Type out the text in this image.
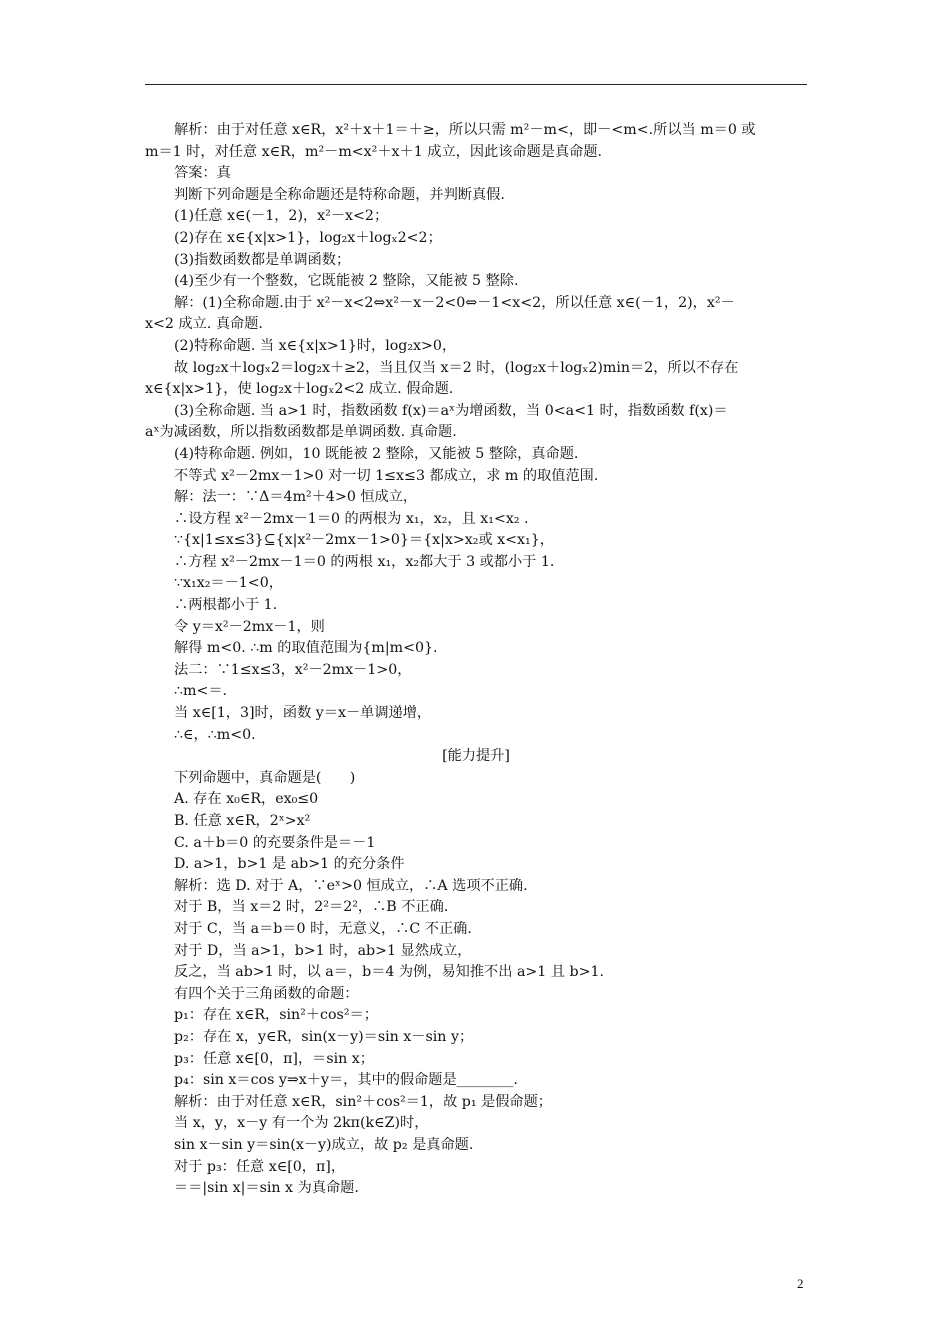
解析：由于对任意 x∈R，x²＋x＋1＝＋≥，所以只需 m²－m<，即－<m<.所以当 m＝0 或
m＝1 时，对任意 x∈R，m²－m<x²＋x＋1 成立，因此该命题是真命题.
答案：真
判断下列命题是全称命题还是特称命题，并判断真假.
(1)任意 x∈(－1，2)，x²－x<2；
(2)存在 x∈{x|x>1}，log₂x＋logₓ2<2；
(3)指数函数都是单调函数；
(4)至少有一个整数，它既能被 2 整除，又能被 5 整除.
解：(1)全称命题.由于 x²－x<2⇔x²－x－2<0⇔－1<x<2，所以任意 x∈(－1，2)，x²－
x<2 成立. 真命题.
(2)特称命题. 当 x∈{x|x>1}时，log₂x>0，
故 log₂x＋logₓ2＝log₂x＋≥2，当且仅当 x＝2 时，(log₂x＋logₓ2)min＝2，所以不存在
x∈{x|x>1}，使 log₂x＋logₓ2<2 成立. 假命题.
(3)全称命题. 当 a>1 时，指数函数 f(x)＝aˣ为增函数，当 0<a<1 时，指数函数 f(x)＝
aˣ为减函数，所以指数函数都是单调函数. 真命题.
(4)特称命题. 例如，10 既能被 2 整除，又能被 5 整除，真命题.
不等式 x²－2mx－1>0 对一切 1≤x≤3 都成立，求 m 的取值范围.
解：法一：∵Δ＝4m²＋4>0 恒成立，
∴设方程 x²－2mx－1＝0 的两根为 x₁，x₂，且 x₁<x₂ .
∵{x|1≤x≤3}⊆{x|x²－2mx－1>0}＝{x|x>x₂或 x<x₁}，
∴方程 x²－2mx－1＝0 的两根 x₁，x₂都大于 3 或都小于 1.
∵x₁x₂＝－1<0，
∴两根都小于 1.
令 y＝x²－2mx－1，则
解得 m<0. ∴m 的取值范围为{m|m<0}.
法二：∵1≤x≤3，x²－2mx－1>0，
∴m<＝.
当 x∈[1，3]时，函数 y＝x－单调递增，
∴∈，∴m<0.
[能力提升]
下列命题中，真命题是(　　)
A. 存在 x₀∈R，ex₀≤0
B. 任意 x∈R，2ˣ>x²
C. a＋b＝0 的充要条件是＝－1
D. a>1，b>1 是 ab>1 的充分条件
解析：选 D. 对于 A，∵eˣ>0 恒成立，∴A 选项不正确.
对于 B，当 x＝2 时，2²＝2²，∴B 不正确.
对于 C，当 a＝b＝0 时，无意义，∴C 不正确.
对于 D，当 a>1，b>1 时，ab>1 显然成立，
反之，当 ab>1 时，以 a＝，b＝4 为例，易知推不出 a>1 且 b>1.
有四个关于三角函数的命题：
p₁：存在 x∈R，sin²＋cos²＝；
p₂：存在 x，y∈R，sin(x－y)＝sin x－sin y；
p₃：任意 x∈[0，π]，＝sin x；
p₄：sin x＝cos y⇒x＋y＝，其中的假命题是________.
解析：由于对任意 x∈R，sin²＋cos²＝1，故 p₁ 是假命题；
当 x，y，x－y 有一个为 2kπ(k∈Z)时，
sin x－sin y＝sin(x－y)成立，故 p₂ 是真命题.
对于 p₃：任意 x∈[0，π]，
＝＝|sin x|＝sin x 为真命题.
2
